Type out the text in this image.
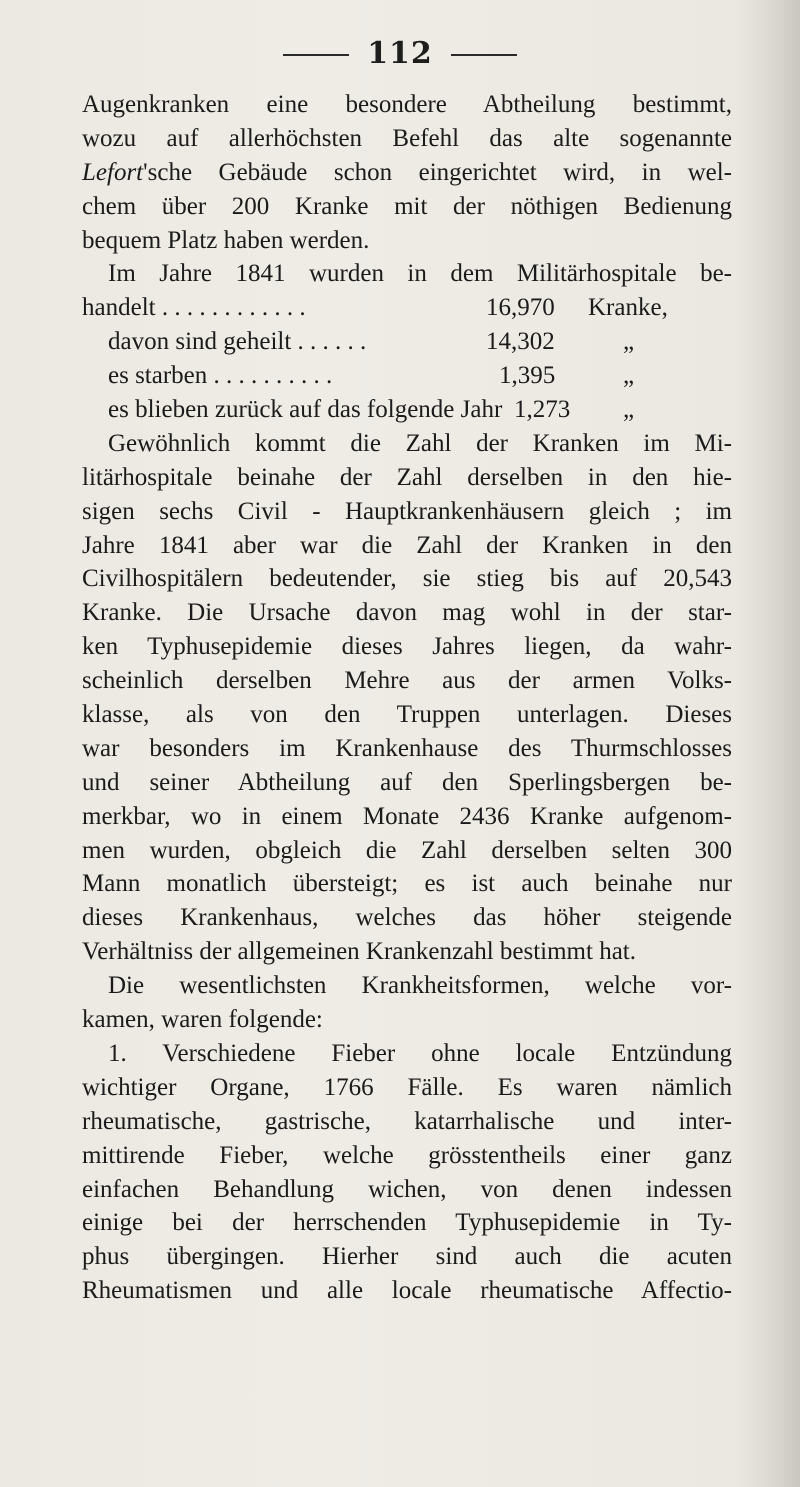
112
Augenkranken eine besondere Abtheilung bestimmt,
wozu auf allerhöchsten Befehl das alte sogenannte
Lefort'sche Gebäude schon eingerichtet wird, in wel-
chem über 200 Kranke mit der nöthigen Bedienung
bequem Platz haben werden.
Im Jahre 1841 wurden in dem Militärhospitale be-
handelt . . . . . . . . . . . .	16,970 Kranke,
davon sind geheilt . . . . . .	14,302	„
es starben . . . . . . . . . .	1,395	„
es blieben zurück auf das folgende Jahr 1,273 „
Gewöhnlich kommt die Zahl der Kranken im Mi-
litärhospitale beinahe der Zahl derselben in den hie-
sigen sechs Civil - Hauptkrankenhäusern gleich ; im
Jahre 1841 aber war die Zahl der Kranken in den
Civilhospitälern bedeutender, sie stieg bis auf 20,543
Kranke. Die Ursache davon mag wohl in der star-
ken Typhusepidemie dieses Jahres liegen, da wahr-
scheinlich derselben Mehre aus der armen Volks-
klasse, als von den Truppen unterlagen. Dieses
war besonders im Krankenhause des Thurmschlosses
und seiner Abtheilung auf den Sperlingsbergen be-
merkbar, wo in einem Monate 2436 Kranke aufgenom-
men wurden, obgleich die Zahl derselben selten 300
Mann monatlich übersteigt; es ist auch beinahe nur
dieses Krankenhaus, welches das höher steigende
Verhältniss der allgemeinen Krankenzahl bestimmt hat.
Die wesentlichsten Krankheitsformen, welche vor-
kamen, waren folgende:
1. Verschiedene Fieber ohne locale Entzündung
wichtiger Organe, 1766 Fälle. Es waren nämlich
rheumatische, gastrische, katarrhalische und inter-
mittirende Fieber, welche grösstentheils einer ganz
einfachen Behandlung wichen, von denen indessen
einige bei der herrschenden Typhusepidemie in Ty-
phus übergingen. Hierher sind auch die acuten
Rheumatismen und alle locale rheumatische Affectio-
